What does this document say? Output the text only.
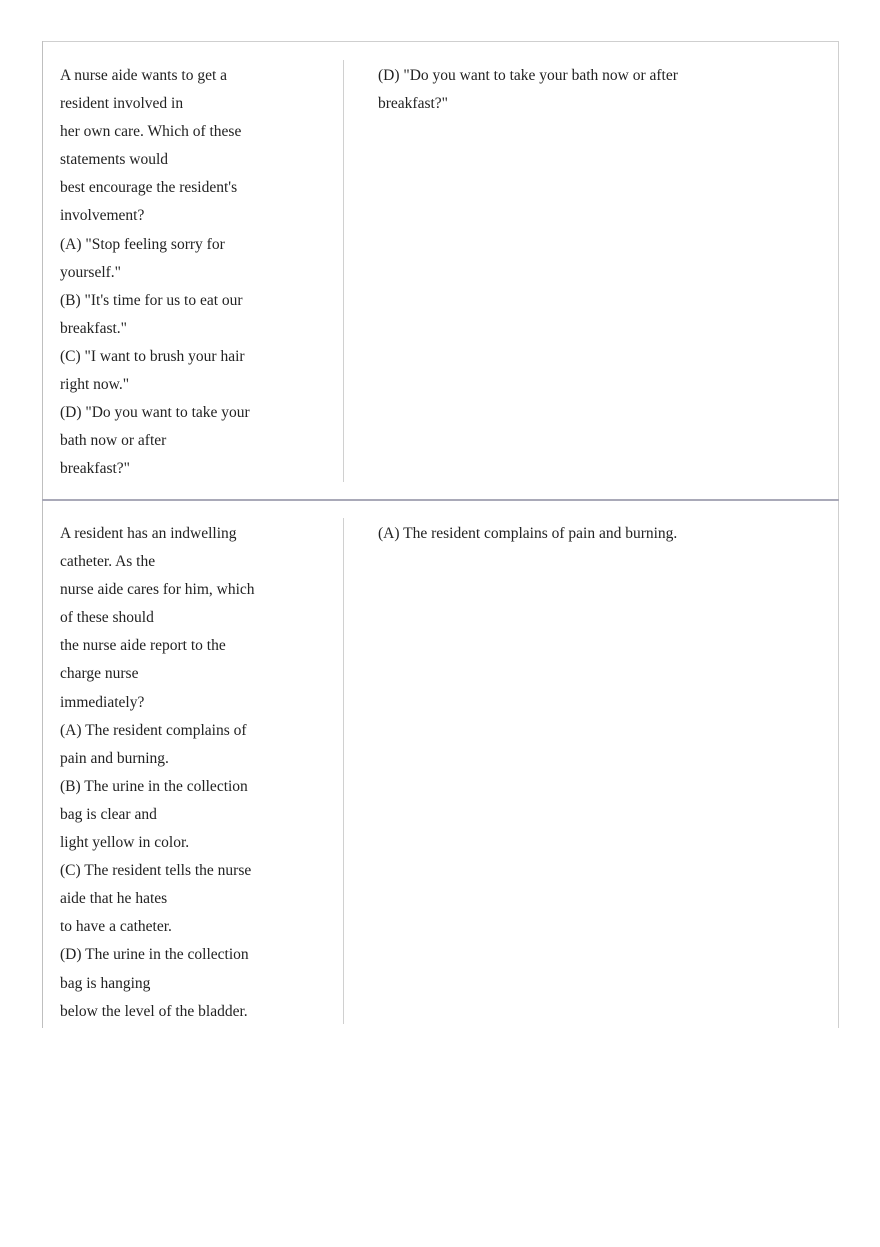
A nurse aide wants to get a
resident involved in
her own care. Which of these
statements would
best encourage the resident's
involvement?
(A) "Stop feeling sorry for
yourself."
(B) "It's time for us to eat our
breakfast."
(C) "I want to brush your hair
right now."
(D) "Do you want to take your
bath now or after
breakfast?"
(D) "Do you want to take your bath now or after
breakfast?"
A resident has an indwelling
catheter. As the
nurse aide cares for him, which
of these should
the nurse aide report to the
charge nurse
immediately?
(A) The resident complains of
pain and burning.
(B) The urine in the collection
bag is clear and
light yellow in color.
(C) The resident tells the nurse
aide that he hates
to have a catheter.
(D) The urine in the collection
bag is hanging
below the level of the bladder.
(A) The resident complains of pain and burning.
